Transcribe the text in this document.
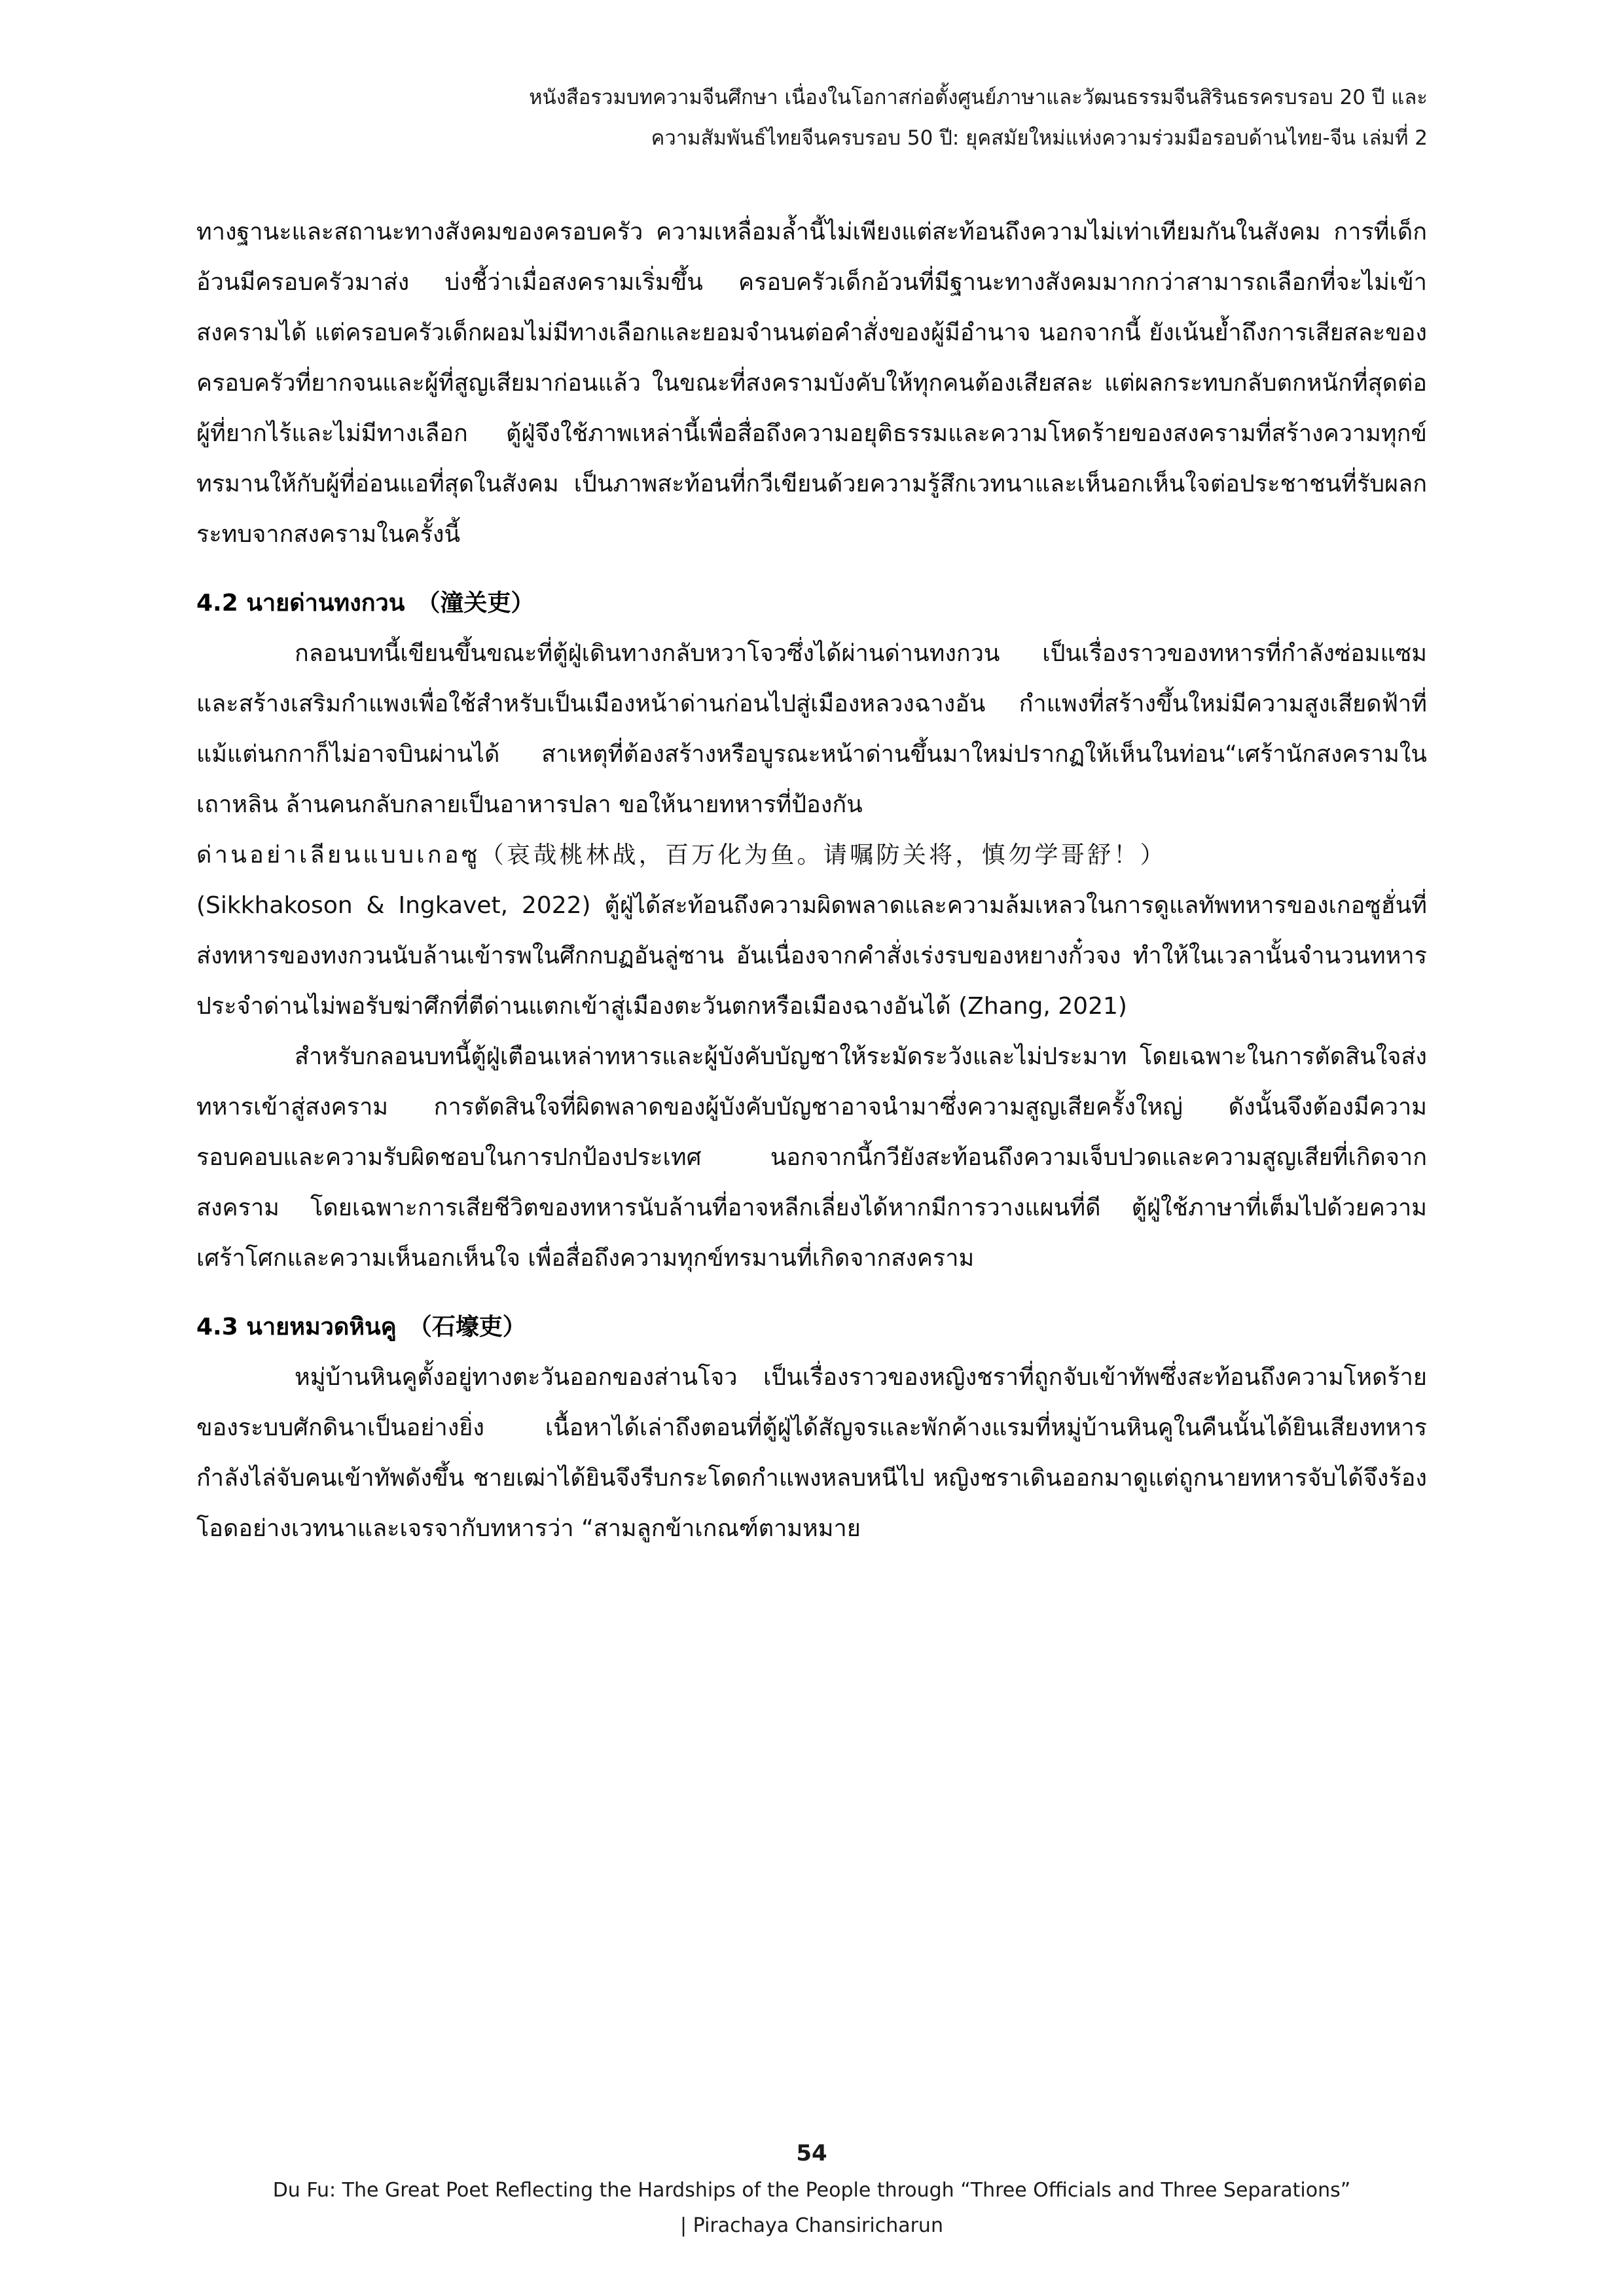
หนังสือรวมบทความจีนศึกษา เนื่องในโอกาสก่อตั้งศูนย์ภาษาและวัฒนธรรมจีนสิรินธรครบรอบ 20 ปี และ
ความสัมพันธ์ไทยจีนครบรอบ 50 ปี: ยุคสมัยใหม่แห่งความร่วมมือรอบด้านไทย-จีน เล่มที่ 2

ทางฐานะและสถานะทางสังคมของครอบครัว ความเหลื่อมล้ำนี้ไม่เพียงแต่สะท้อนถึงความไม่เท่าเทียมกันในสังคม การที่เด็กอ้วนมีครอบครัวมาส่ง บ่งชี้ว่าเมื่อสงครามเริ่มขึ้น ครอบครัวเด็กอ้วนที่มีฐานะทางสังคมมากกว่าสามารถเลือกที่จะไม่เข้าสงครามได้ แต่ครอบครัวเด็กผอมไม่มีทางเลือกและยอมจำนนต่อคำสั่งของผู้มีอำนาจ นอกจากนี้ ยังเน้นย้ำถึงการเสียสละของครอบครัวที่ยากจนและผู้ที่สูญเสียมาก่อนแล้ว ในขณะที่สงครามบังคับให้ทุกคนต้องเสียสละ แต่ผลกระทบกลับตกหนักที่สุดต่อผู้ที่ยากไร้และไม่มีทางเลือก ตู้ฝู่จึงใช้ภาพเหล่านี้เพื่อสื่อถึงความอยุติธรรมและความโหดร้ายของสงครามที่สร้างความทุกข์ทรมานให้กับผู้ที่อ่อนแอที่สุดในสังคม เป็นภาพสะท้อนที่กวีเขียนด้วยความรู้สึกเวทนาและเห็นอกเห็นใจต่อประชาชนที่รับผลกระทบจากสงครามในครั้งนี้

4.2 นายด่านทงกวน （潼关吏）

กลอนบทนี้เขียนขึ้นขณะที่ตู้ฝู่เดินทางกลับหวาโจวซึ่งได้ผ่านด่านทงกวน เป็นเรื่องราวของทหารที่กำลังซ่อมแซมและสร้างเสริมกำแพงเพื่อใช้สำหรับเป็นเมืองหน้าด่านก่อนไปสู่เมืองหลวงฉางอัน กำแพงที่สร้างขึ้นใหม่มีความสูงเสียดฟ้าที่แม้แต่นกกาก็ไม่อาจบินผ่านได้ สาเหตุที่ต้องสร้างหรือบูรณะหน้าด่านขึ้นมาใหม่ปรากฏให้เห็นในท่อน“เศร้านักสงครามในเถาหลิน ล้านคนกลับกลายเป็นอาหารปลา ขอให้นายทหารที่ป้องกัน

ด่านอย่าเลียนแบบเกอซู（哀哉桃林战，百万化为鱼。请嘱防关将，慎勿学哥舒！）

(Sikkhakoson & Ingkavet, 2022) ตู้ฝู่ได้สะท้อนถึงความผิดพลาดและความล้มเหลวในการดูแลทัพทหารของเกอซูฮั่นที่ส่งทหารของทงกวนนับล้านเข้ารพในศึกกบฏอันลู่ซาน อันเนื่องจากคำสั่งเร่งรบของหยางกั๋วจง ทำให้ในเวลานั้นจำนวนทหารประจำด่านไม่พอรับฆ่าศึกที่ตีด่านแตกเข้าสู่เมืองตะวันตกหรือเมืองฉางอันได้ (Zhang, 2021)

สำหรับกลอนบทนี้ตู้ฝู่เตือนเหล่าทหารและผู้บังคับบัญชาให้ระมัดระวังและไม่ประมาท โดยเฉพาะในการตัดสินใจส่งทหารเข้าสู่สงคราม การตัดสินใจที่ผิดพลาดของผู้บังคับบัญชาอาจนำมาซึ่งความสูญเสียครั้งใหญ่ ดังนั้นจึงต้องมีความรอบคอบและความรับผิดชอบในการปกป้องประเทศ นอกจากนี้กวียังสะท้อนถึงความเจ็บปวดและความสูญเสียที่เกิดจากสงคราม โดยเฉพาะการเสียชีวิตของทหารนับล้านที่อาจหลีกเลี่ยงได้หากมีการวางแผนที่ดี ตู้ฝู่ใช้ภาษาที่เต็มไปด้วยความเศร้าโศกและความเห็นอกเห็นใจ เพื่อสื่อถึงความทุกข์ทรมานที่เกิดจากสงคราม

4.3 นายหมวดหินคู （石壕吏）

หมู่บ้านหินคูตั้งอยู่ทางตะวันออกของส่านโจว เป็นเรื่องราวของหญิงชราที่ถูกจับเข้าทัพซึ่งสะท้อนถึงความโหดร้ายของระบบศักดินาเป็นอย่างยิ่ง เนื้อหาได้เล่าถึงตอนที่ตู้ฝู่ได้สัญจรและพักค้างแรมที่หมู่บ้านหินคูในคืนนั้นได้ยินเสียงทหารกำลังไล่จับคนเข้าทัพดังขึ้น ชายเฒ่าได้ยินจึงรีบกระโดดกำแพงหลบหนีไป หญิงชราเดินออกมาดูแต่ถูกนายทหารจับได้จึงร้องโอดอย่างเวทนาและเจรจากับทหารว่า “สามลูกข้าเกณฑ์ตามหมาย

54
Du Fu: The Great Poet Reflecting the Hardships of the People through “Three Officials and Three Separations”
| Pirachaya Chansiricharun
